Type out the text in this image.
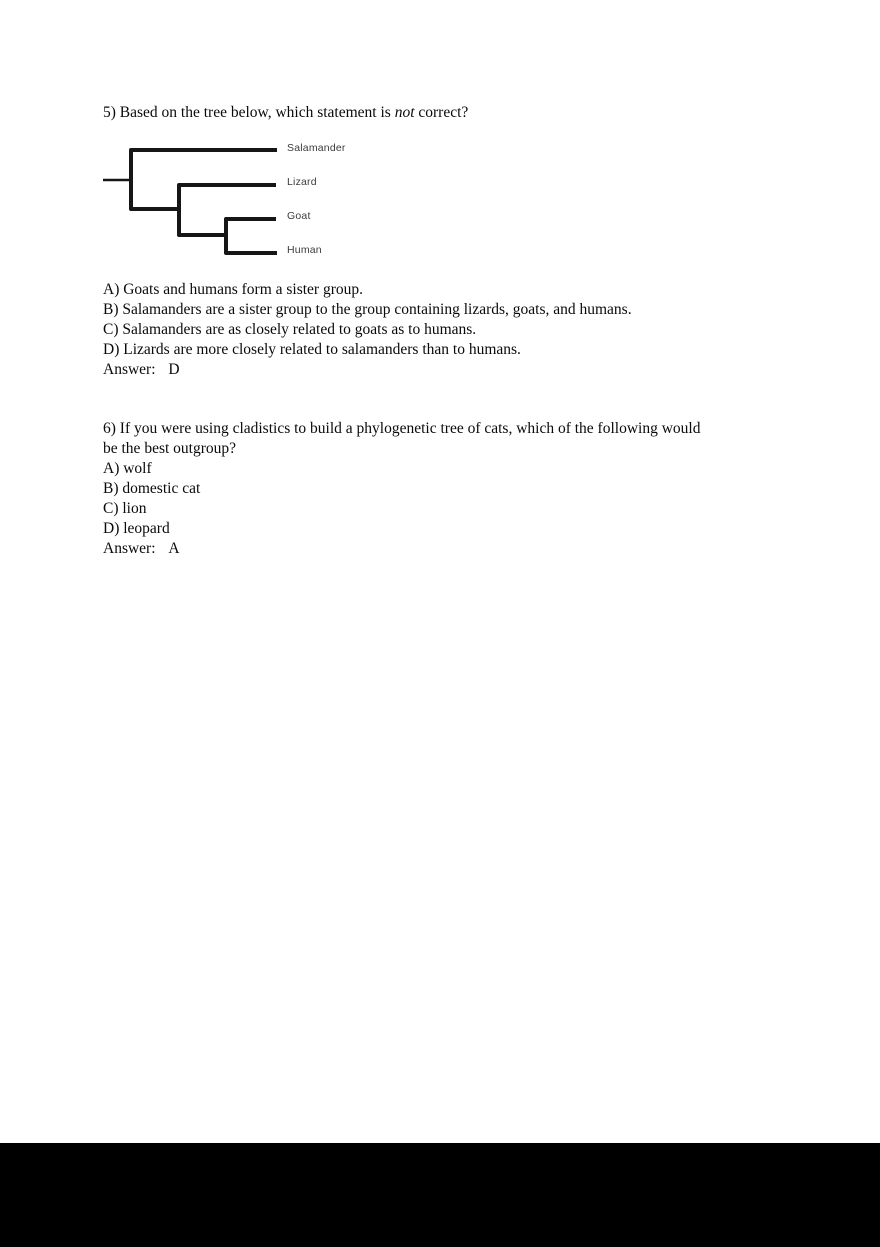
5) Based on the tree below, which statement is not correct?
Salamander
Lizard
Goat
Human
A) Goats and humans form a sister group.
B) Salamanders are a sister group to the group containing lizards, goats, and humans.
C) Salamanders are as closely related to goats as to humans.
D) Lizards are more closely related to salamanders than to humans.
Answer: D
6) If you were using cladistics to build a phylogenetic tree of cats, which of the following would
be the best outgroup?
A) wolf
B) domestic cat
C) lion
D) leopard
Answer: A
